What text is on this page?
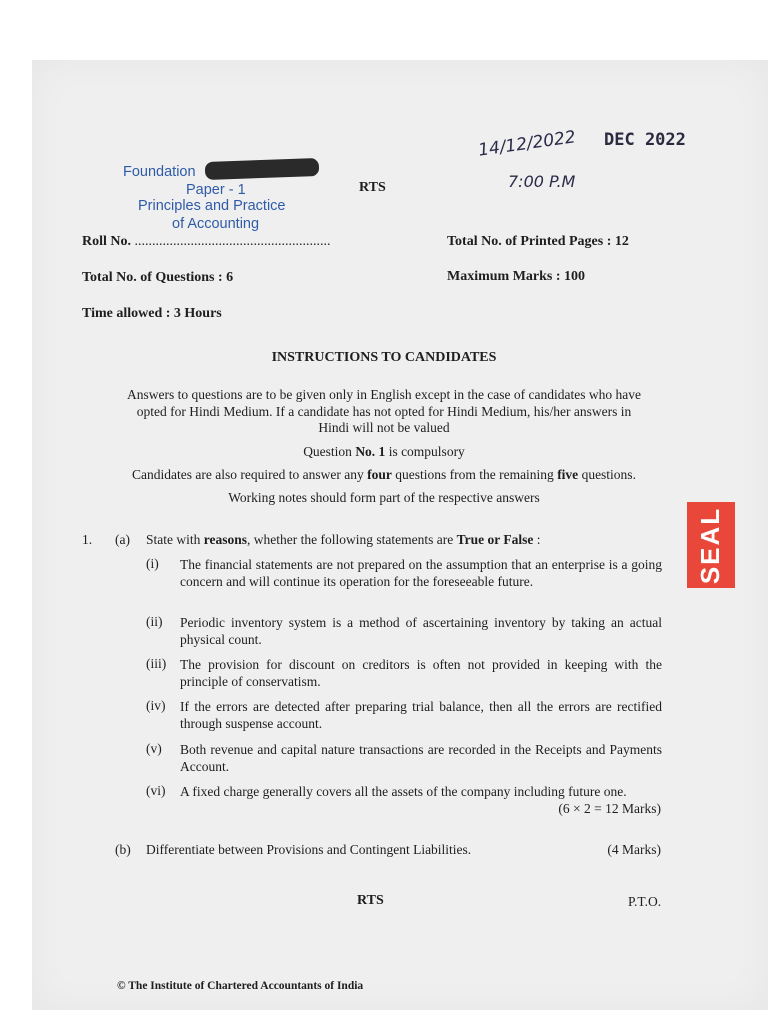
14/12/2022
7:00 P.M
DEC 2022
Foundation
Paper - 1
Principles and Practice
of Accounting
RTS
Roll No. ........................................................	Total No. of Printed Pages : 12
Total No. of Questions : 6	Maximum Marks : 100
Time allowed : 3 Hours
INSTRUCTIONS TO CANDIDATES
Answers to questions are to be given only in English except in the case of candidates who have
opted for Hindi Medium. If a candidate has not opted for Hindi Medium, his/her answers in
Hindi will not be valued
Question No. 1 is compulsory
Candidates are also required to answer any four questions from the remaining five questions.
Working notes should form part of the respective answers
1. (a) State with reasons, whether the following statements are True or False :
(i) The financial statements are not prepared on the assumption that an enterprise is a going concern and will continue its operation for the foreseeable future.
(ii) Periodic inventory system is a method of ascertaining inventory by taking an actual physical count.
(iii) The provision for discount on creditors is often not provided in keeping with the principle of conservatism.
(iv) If the errors are detected after preparing trial balance, then all the errors are rectified through suspense account.
(v) Both revenue and capital nature transactions are recorded in the Receipts and Payments Account.
(vi) A fixed charge generally covers all the assets of the company including future one.
(6 × 2 = 12 Marks)
(b) Differentiate between Provisions and Contingent Liabilities.	(4 Marks)
SEAL
RTS	P.T.O.
© The Institute of Chartered Accountants of India
